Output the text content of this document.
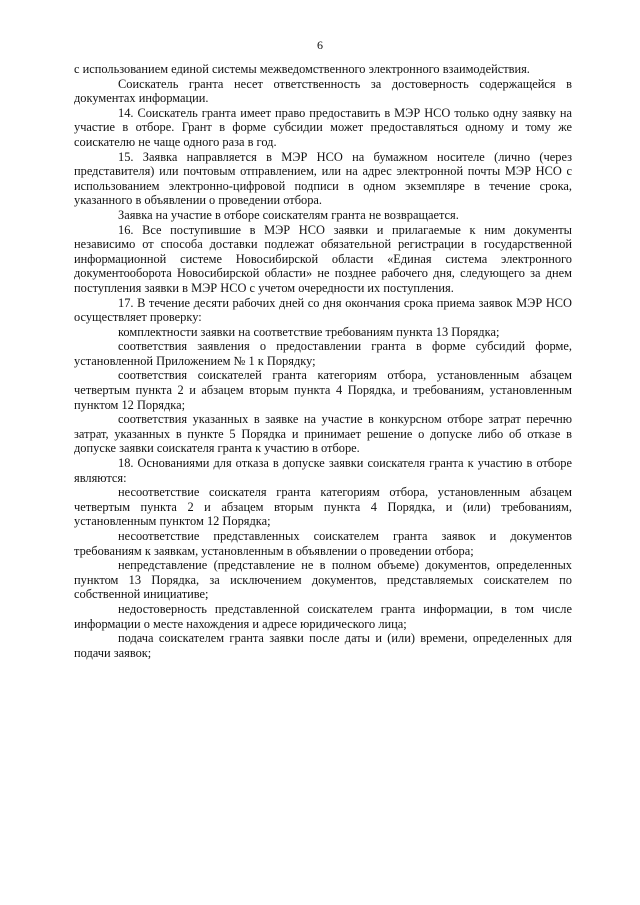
6

с использованием единой системы межведомственного электронного взаимодействия.

Соискатель гранта несет ответственность за достоверность содержащейся в документах информации.

14. Соискатель гранта имеет право предоставить в МЭР НСО только одну заявку на участие в отборе. Грант в форме субсидии может предоставляться одному и тому же соискателю не чаще одного раза в год.

15. Заявка направляется в МЭР НСО на бумажном носителе (лично (через представителя) или почтовым отправлением, или на адрес электронной почты МЭР НСО с использованием электронно-цифровой подписи в одном экземпляре в течение срока, указанного в объявлении о проведении отбора.

Заявка на участие в отборе соискателям гранта не возвращается.

16. Все поступившие в МЭР НСО заявки и прилагаемые к ним документы независимо от способа доставки подлежат обязательной регистрации в государственной информационной системе Новосибирской области «Единая система электронного документооборота Новосибирской области» не позднее рабочего дня, следующего за днем поступления заявки в МЭР НСО с учетом очередности их поступления.

17. В течение десяти рабочих дней со дня окончания срока приема заявок МЭР НСО осуществляет проверку:

комплектности заявки на соответствие требованиям пункта 13 Порядка;

соответствия заявления о предоставлении гранта в форме субсидий форме, установленной Приложением № 1 к Порядку;

соответствия соискателей гранта категориям отбора, установленным абзацем четвертым пункта 2 и абзацем вторым пункта 4 Порядка, и требованиям, установленным пунктом 12 Порядка;

соответствия указанных в заявке на участие в конкурсном отборе затрат перечню затрат, указанных в пункте 5 Порядка и принимает решение о допуске либо об отказе в допуске заявки соискателя гранта к участию в отборе.

18. Основаниями для отказа в допуске заявки соискателя гранта к участию в отборе являются:

несоответствие соискателя гранта категориям отбора, установленным абзацем четвертым пункта 2 и абзацем вторым пункта 4 Порядка, и (или) требованиям, установленным пунктом 12 Порядка;

несоответствие представленных соискателем гранта заявок и документов требованиям к заявкам, установленным в объявлении о проведении отбора;

непредставление (представление не в полном объеме) документов, определенных пунктом 13 Порядка, за исключением документов, представляемых соискателем по собственной инициативе;

недостоверность представленной соискателем гранта информации, в том числе информации о месте нахождения и адресе юридического лица;

подача соискателем гранта заявки после даты и (или) времени, определенных для подачи заявок;
